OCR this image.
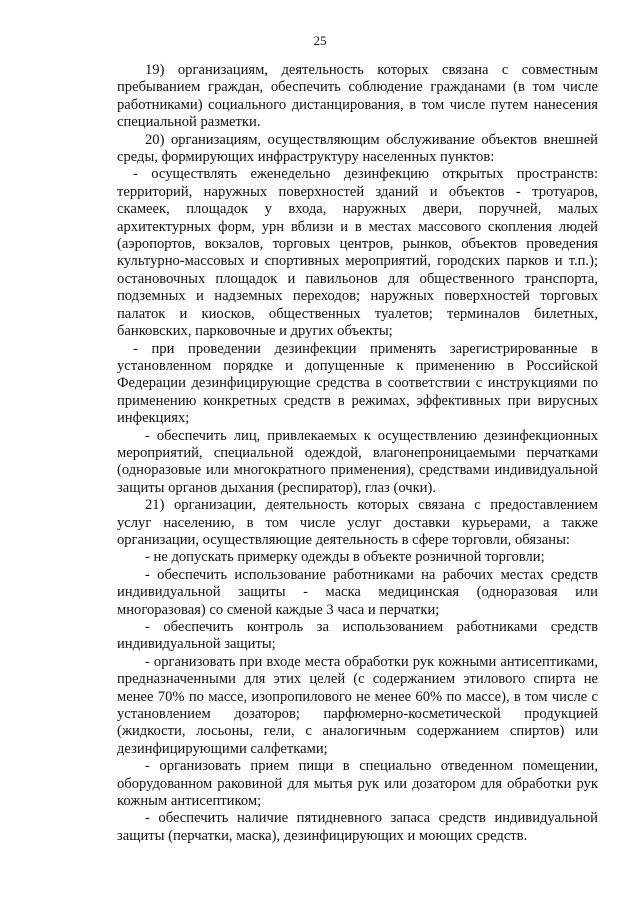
25

19) организациям, деятельность которых связана с совместным пребыванием граждан, обеспечить соблюдение гражданами (в том числе работниками) социального дистанцирования, в том числе путем нанесения специальной разметки.

20) организациям, осуществляющим обслуживание объектов внешней среды, формирующих инфраструктуру населенных пунктов:

- осуществлять еженедельно дезинфекцию открытых пространств: территорий, наружных поверхностей зданий и объектов - тротуаров, скамеек, площадок у входа, наружных двери, поручней, малых архитектурных форм, урн вблизи и в местах массового скопления людей (аэропортов, вокзалов, торговых центров, рынков, объектов проведения культурно-массовых и спортивных мероприятий, городских парков и т.п.); остановочных площадок и павильонов для общественного транспорта, подземных и надземных переходов; наружных поверхностей торговых палаток и киосков, общественных туалетов; терминалов билетных, банковских, парковочные и других объекты;

- при проведении дезинфекции применять зарегистрированные в установленном порядке и допущенные к применению в Российской Федерации дезинфицирующие средства в соответствии с инструкциями по применению конкретных средств в режимах, эффективных при вирусных инфекциях;

- обеспечить лиц, привлекаемых к осуществлению дезинфекционных мероприятий, специальной одеждой, влагонепроницаемыми перчатками (одноразовые или многократного применения), средствами индивидуальной защиты органов дыхания (респиратор), глаз (очки).

21) организации, деятельность которых связана с предоставлением услуг населению, в том числе услуг доставки курьерами, а также организации, осуществляющие деятельность в сфере торговли, обязаны:

- не допускать примерку одежды в объекте розничной торговли;

- обеспечить использование работниками на рабочих местах средств индивидуальной защиты - маска медицинская (одноразовая или многоразовая) со сменой каждые 3 часа и перчатки;

- обеспечить контроль за использованием работниками средств индивидуальной защиты;

- организовать при входе места обработки рук кожными антисептиками, предназначенными для этих целей (с содержанием этилового спирта не менее 70% по массе, изопропилового не менее 60% по массе), в том числе с установлением дозаторов; парфюмерно-косметической продукцией (жидкости, лосьоны, гели, с аналогичным содержанием спиртов) или дезинфицирующими салфетками;

- организовать прием пищи в специально отведенном помещении, оборудованном раковиной для мытья рук или дозатором для обработки рук кожным антисептиком;

- обеспечить наличие пятидневного запаса средств индивидуальной защиты (перчатки, маска), дезинфицирующих и моющих средств.
